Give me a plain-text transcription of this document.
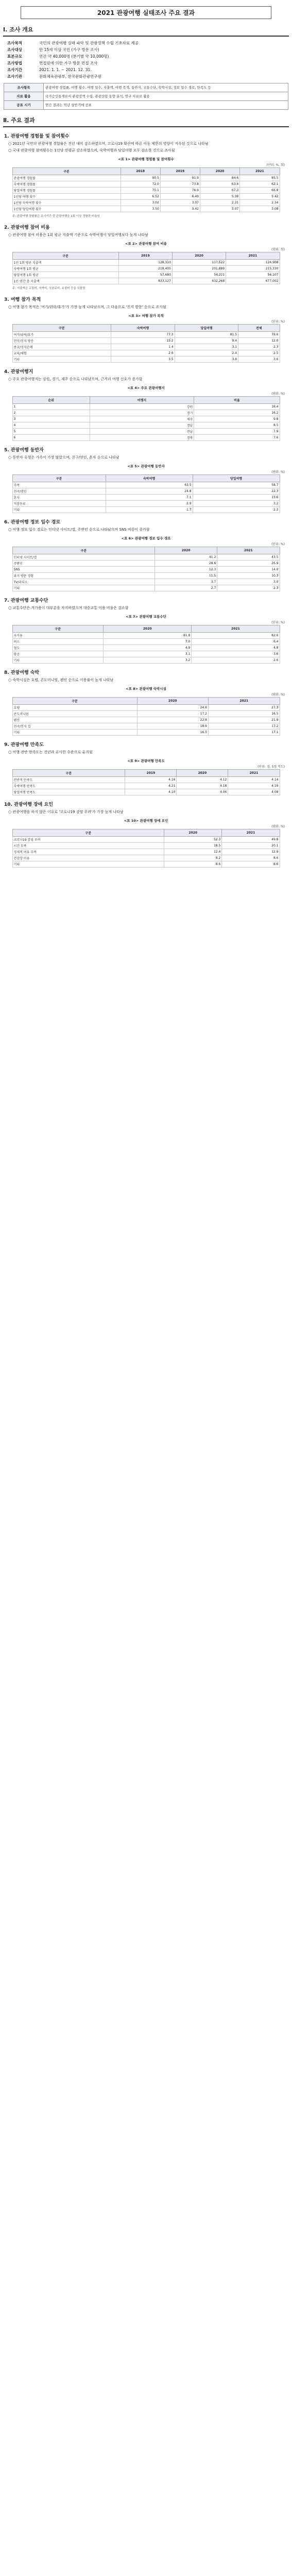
2021 관광여행 실태조사 주요 결과
Ⅰ. 조사 개요
조사목적	국민의 관광여행 실태 파악 및 관광정책 수립 기초자료 제공
조사대상	만 15세 이상 국민 (가구 방문 조사)
표본규모	연간 약 40,000명 (분기별 약 10,000명)
조사방법	면접원에 의한 가구 방문 면접 조사
조사기간	2021. 1. 1. ~ 2021. 12. 31.
조사기관	문화체육관광부, 한국문화관광연구원
조사항목	관광여행 경험률, 여행 횟수, 여행 일수, 지출액, 여행 목적, 동반자, 교통수단, 숙박시설, 정보 입수 경로, 만족도 등
자료 활용	국가승인통계로서 관광정책 수립, 관광산업 동향 분석, 연구 자료로 활용
공표 시기	연간 결과는 익년 상반기에 공표
Ⅱ. 주요 결과
1. 관광여행 경험률 및 참여횟수

○ 2021년 국민의 관광여행 경험률은 전년 대비 감소하였으며, 코로나19 확산에 따른 이동 제한의 영향이 지속된 것으로 나타남

○ 국내 관광여행 참여횟수는 1인당 연평균 감소하였으며, 숙박여행과 당일여행 모두 감소한 것으로 조사됨

<표 1> 관광여행 경험률 및 참여횟수
(단위: %, 회)
구분	2018	2019	2020	2021
관광여행 경험률	90.5	91.9	84.6	85.5
숙박여행 경험률	72.0	73.8	63.4	62.1
당일여행 경험률	75.1	76.9	67.3	66.8
1인당 여행 횟수	6.52	6.49	5.38	5.42
1인당 숙박여행 횟수	3.02	3.07	2.31	2.34
1인당 당일여행 횟수	3.50	3.42	3.07	3.08
주: 관광여행 경험률은 조사기간 중 관광여행을 1회 이상 경험한 비율임
2. 관광여행 참여 비용

○ 관광여행 참여 비용은 1회 평균 지출액 기준으로 숙박여행이 당일여행보다 높게 나타남

<표 2> 관광여행 참여 비용
(단위: 원)
구분	2019	2020	2021
1인 1회 평균 지출액	128,310	117,522	124,908
숙박여행 1회 평균	218,405	201,889	215,330
당일여행 1회 평균	57,680	54,221	56,107
1인 연간 총 지출액	833,127	632,268	677,002
주: 지출액은 교통비, 숙박비, 식음료비, 쇼핑비 등을 포함함
3. 여행 참가 목적

○ 여행 참가 목적은 '여가/위락/휴가'가 가장 높게 나타났으며, 그 다음으로 '친지 방문' 순으로 조사됨

<표 3> 여행 참가 목적
(단위: %)
구분	숙박여행	당일여행	전체
여가/위락/휴가	77.3	81.5	79.6
친구/친지 방문	15.2	9.4	12.0
종교/성지순례	1.4	3.1	2.3
교육/체험	2.6	2.4	2.5
기타	3.5	3.6	3.6
4. 관광여행지

○ 주요 관광여행지는 강원, 경기, 제주 순으로 나타났으며, 근거리 여행 선호가 증가함

<표 4> 주요 관광여행지
(단위: %)
순위	여행지	비율
1	강원	18.4
2	경기	16.2
3	제주	9.8
4	경남	8.5
5	전남	7.9
6	경북	7.6
5. 관광여행 동반자

○ 동반자 유형은 가족이 가장 많았으며, 친구/연인, 혼자 순으로 나타남

<표 5> 관광여행 동반자
(단위: %)
구분	숙박여행	당일여행
가족	63.5	58.7
친구/연인	24.8	22.3
혼자	7.1	13.6
직장동료	2.9	3.2
기타	1.7	2.2
6. 관광여행 정보 입수 경로

○ 여행 정보 입수 경로는 인터넷 사이트/앱, 주변인 순으로 나타났으며 SNS 비중이 증가함

<표 6> 관광여행 정보 입수 경로
(단위: %)
구분	2020	2021
인터넷 사이트/앱	41.2	43.5
주변인	28.6	26.9
SNS	12.3	14.0
과거 방문 경험	11.5	10.3
TV/라디오	3.7	3.0
기타	2.7	2.3
7. 관광여행 교통수단

○ 교통수단은 자가용이 대부분을 차지하였으며 대중교통 이용 비율은 감소함

<표 7> 관광여행 교통수단
(단위: %)
구분	2020	2021
자가용	81.8	82.6
버스	7.0	6.4
철도	4.9	4.8
항공	3.1	3.6
기타	3.2	2.6
8. 관광여행 숙박

○ 숙박시설은 호텔, 콘도미니엄, 펜션 순으로 이용률이 높게 나타남

<표 8> 관광여행 숙박시설
(단위: %)
구분	2020	2021
호텔	24.6	27.3
콘도미니엄	17.2	16.5
펜션	22.8	21.9
친구/친지 집	18.9	17.2
기타	16.5	17.1
9. 관광여행 만족도

○ 여행 전반 만족도는 전년과 유사한 수준으로 유지됨

<표 9> 관광여행 만족도
(단위: 점, 5점 척도)
구분	2019	2020	2021
전반적 만족도	4.16	4.12	4.14
숙박여행 만족도	4.21	4.18	4.19
당일여행 만족도	4.10	4.06	4.08
10. 관광여행 장애 요인

○ 관광여행을 하지 않은 이유로 '코로나19 감염 우려'가 가장 높게 나타남

<표 10> 관광여행 장애 요인
(단위: %)
구분	2020	2021
코로나19 감염 우려	52.3	49.8
시간 부족	18.5	20.1
경제적 여유 부족	12.4	12.9
건강상 이유	8.2	8.6
기타	8.6	8.6
